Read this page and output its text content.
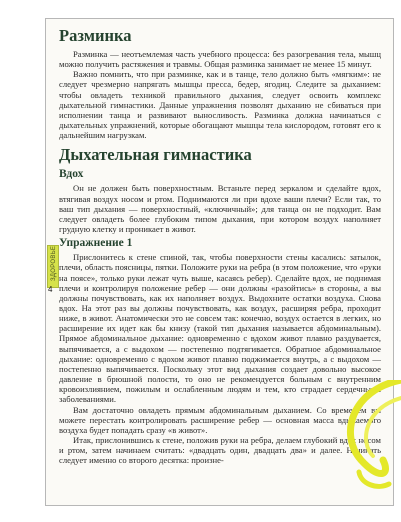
ЗДОРОВЬЕ
4
Разминка

Разминка — неотъемлемая часть учебного процесса: без разогревания тела, мышц можно получить растяжения и травмы. Общая разминка занимает не менее 15 минут.

Важно помнить, что при разминке, как и в танце, тело должно быть «мягким»: не следует чрезмерно напрягать мышцы пресса, бедер, ягодиц. Следите за дыханием: чтобы овладеть техникой правильного дыхания, следует освоить комплекс дыхательной гимнастики. Данные упражнения позволят дыханию не сбиваться при исполнении танца и развивают выносливость. Разминка должна начинаться с дыхательных упражнений, которые обогащают мышцы тела кислородом, готовят его к дальнейшим нагрузкам.

Дыхательная гимнастика
Вдох

Он не должен быть поверхностным. Встаньте перед зеркалом и сделайте вдох, втягивая воздух носом и ртом. Поднимаются ли при вдохе ваши плечи? Если так, то ваш тип дыхания — поверхностный, «ключичный»; для танца он не подходит. Вам следует овладеть более глубоким типом дыхания, при котором воздух наполняет грудную клетку и проникает в живот.

Упражнение 1

Прислонитесь к стене спиной, так, чтобы поверхности стены касались: затылок, плечи, область поясницы, пятки. Положите руки на ребра (в этом положение, что «руки на поясе», только руки лежат чуть выше, касаясь ребер). Сделайте вдох, не поднимая плечи и контролируя положение ребер — они должны «разойтись» в стороны, а вы должны почувствовать, как их наполняет воздух. Выдохните остатки воздуха. Снова вдох. На этот раз вы должны почувствовать, как воздух, расширяя ребра, проходит ниже, в живот. Анатомически это не совсем так: конечно, воздух остается в легких, но расширение их идет как бы книзу (такой тип дыхания называется абдоминальным). Прямое абдоминальное дыхание: одновременно с вдохом живот плавно раздувается, выпячивается, а с выдохом — постепенно подтягивается. Обратное абдоминальное дыхание: одновременно с вдохом живот плавно поджимается внутрь, а с выдохом — постепенно выпячивается. Поскольку этот вид дыхания создает довольно высокое давление в брюшной полости, то оно не рекомендуется больным с внутренним кровоизлиянием, пожилым и ослабленным людям и тем, кто страдает сердечными заболеваниями.

Вам достаточно овладеть прямым абдоминальным дыханием. Со временем вы можете перестать контролировать расширение ребер — основная масса вдыхаемого воздуха будет попадать сразу «в живот».

Итак, прислонившись к стене, положив руки на ребра, делаем глубокий вдох носом и ртом, затем начинаем считать: «двадцать один, двадцать два» и далее. Начинать следует именно со второго десятка: произне-
